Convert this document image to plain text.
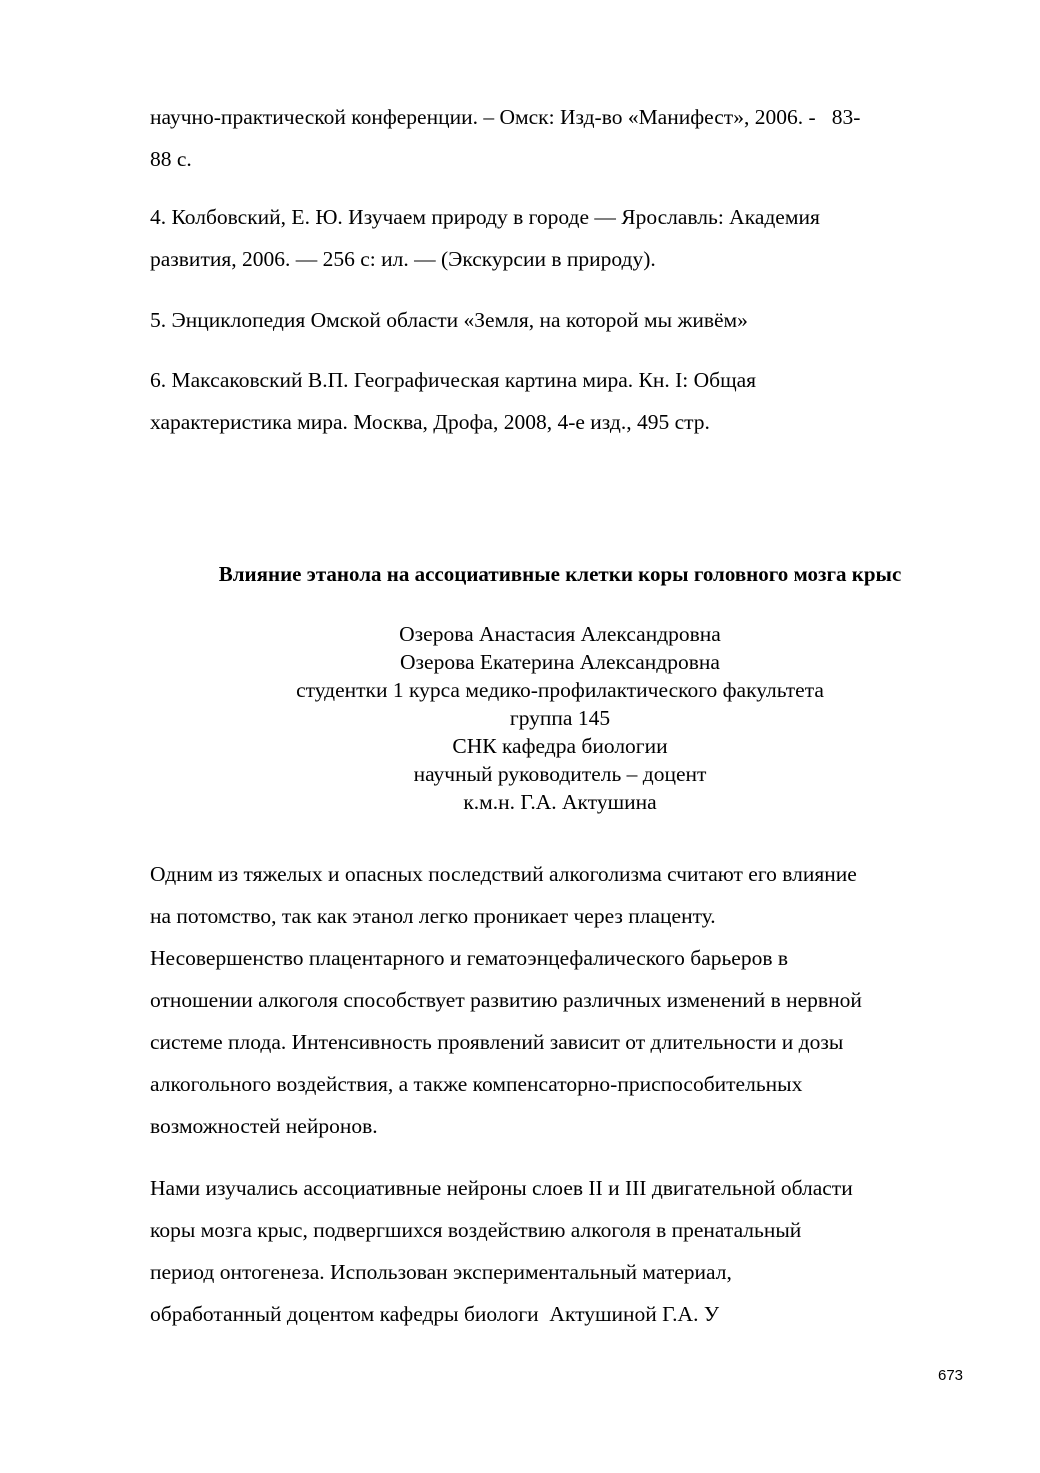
научно-практической конференции. – Омск: Изд-во «Манифест», 2006. -   83-
88 с.
4. Колбовский, Е. Ю. Изучаем природу в городе — Ярославль: Академия
развития, 2006. — 256 с: ил. — (Экскурсии в природу).
5. Энциклопедия Омской области «Земля, на которой мы живём»
6. Максаковский В.П. Географическая картина мира. Кн. I: Общая
характеристика мира. Москва, Дрофа, 2008, 4-е изд., 495 стр.
Влияние этанола на ассоциативные клетки коры головного мозга крыс
Озерова Анастасия Александровна
Озерова Екатерина Александровна
студентки 1 курса медико-профилактического факультета
группа 145
СНК кафедра биологии
научный руководитель – доцент
к.м.н. Г.А. Актушина
Одним из тяжелых и опасных последствий алкоголизма считают его влияние
на потомство, так как этанол легко проникает через плаценту.
Несовершенство плацентарного и гематоэнцефалического барьеров в
отношении алкоголя способствует развитию различных изменений в нервной
системе плода. Интенсивность проявлений зависит от длительности и дозы
алкогольного воздействия, а также компенсаторно-приспособительных
возможностей нейронов.
Нами изучались ассоциативные нейроны слоев II и III двигательной области
коры мозга крыс, подвергшихся воздействию алкоголя в пренатальный
период онтогенеза. Использован экспериментальный материал,
обработанный доцентом кафедры биологи  Актушиной Г.А. У
673
